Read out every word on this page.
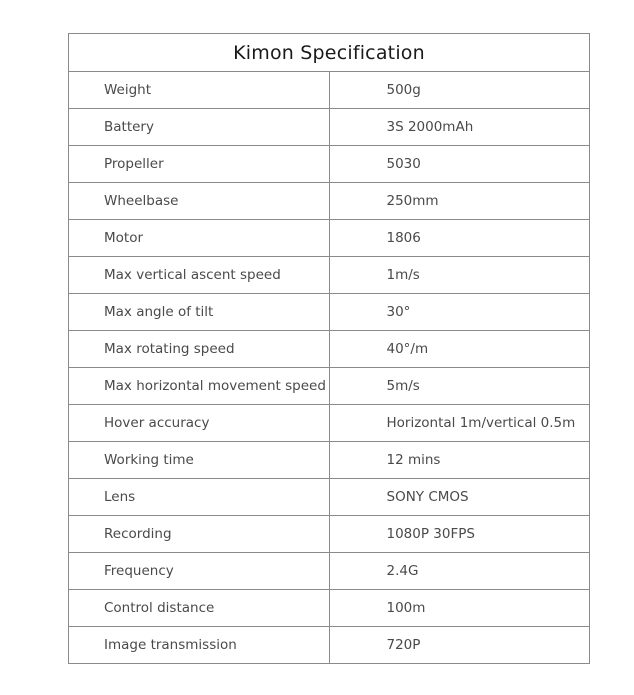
Kimon Specification	
Weight	500g
Battery	3S 2000mAh
Propeller	5030
Wheelbase	250mm
Motor	1806
Max vertical ascent speed	1m/s
Max angle of tilt	30°
Max rotating speed	40°/m
Max horizontal movement speed	5m/s
Hover accuracy	Horizontal 1m/vertical 0.5m
Working time	12 mins
Lens	SONY CMOS
Recording	1080P 30FPS
Frequency	2.4G
Control distance	100m
Image transmission	720P
